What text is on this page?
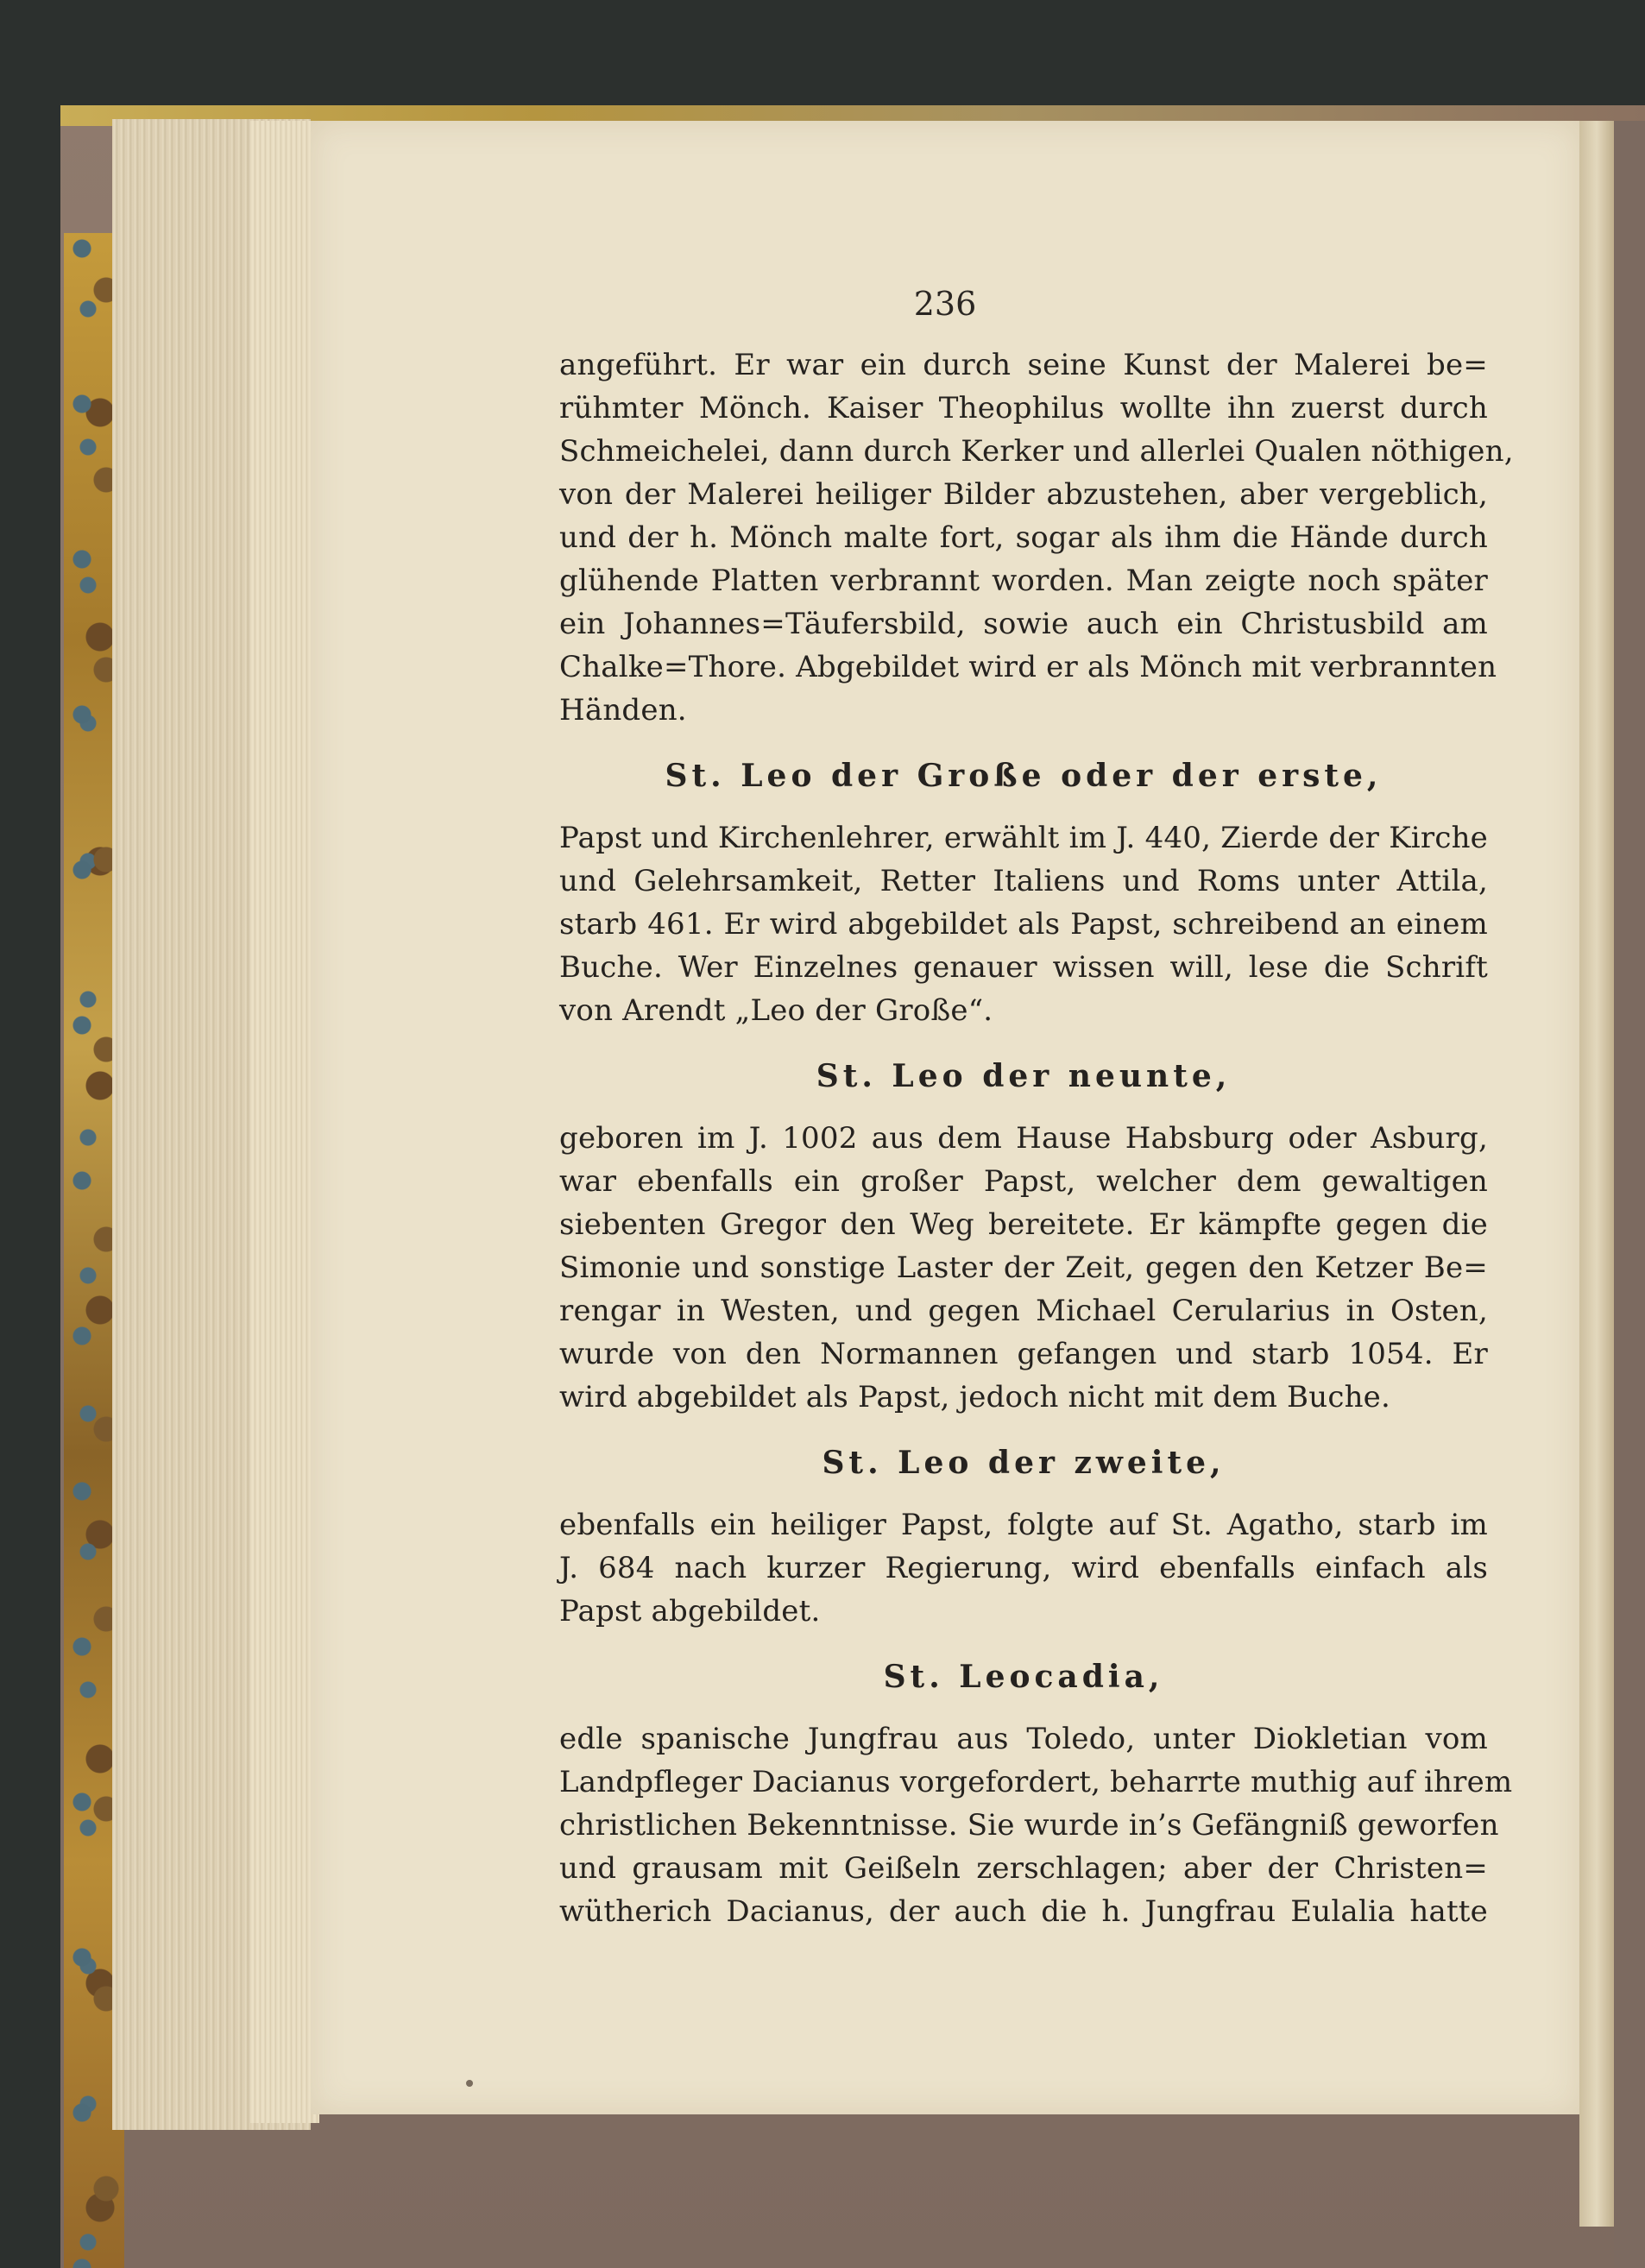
236

angeführt. Er war ein durch seine Kunst der Malerei be=
rühmter Mönch. Kaiser Theophilus wollte ihn zuerst durch
Schmeichelei, dann durch Kerker und allerlei Qualen nöthigen,
von der Malerei heiliger Bilder abzustehen, aber vergeblich,
und der h. Mönch malte fort, sogar als ihm die Hände durch
glühende Platten verbrannt worden. Man zeigte noch später
ein Johannes=Täufersbild, sowie auch ein Christusbild am
Chalke=Thore. Abgebildet wird er als Mönch mit verbrannten
Händen.
St. Leo der Große oder der erste,
Papst und Kirchenlehrer, erwählt im J. 440, Zierde der Kirche
und Gelehrsamkeit, Retter Italiens und Roms unter Attila,
starb 461. Er wird abgebildet als Papst, schreibend an einem
Buche. Wer Einzelnes genauer wissen will, lese die Schrift
von Arendt „Leo der Große“.
St. Leo der neunte,
geboren im J. 1002 aus dem Hause Habsburg oder Asburg,
war ebenfalls ein großer Papst, welcher dem gewaltigen
siebenten Gregor den Weg bereitete. Er kämpfte gegen die
Simonie und sonstige Laster der Zeit, gegen den Ketzer Be=
rengar in Westen, und gegen Michael Cerularius in Osten,
wurde von den Normannen gefangen und starb 1054. Er
wird abgebildet als Papst, jedoch nicht mit dem Buche.
St. Leo der zweite,
ebenfalls ein heiliger Papst, folgte auf St. Agatho, starb im
J. 684 nach kurzer Regierung, wird ebenfalls einfach als
Papst abgebildet.
St. Leocadia,
edle spanische Jungfrau aus Toledo, unter Diokletian vom
Landpfleger Dacianus vorgefordert, beharrte muthig auf ihrem
christlichen Bekenntnisse. Sie wurde in’s Gefängniß geworfen
und grausam mit Geißeln zerschlagen; aber der Christen=
wütherich Dacianus, der auch die h. Jungfrau Eulalia hatte
